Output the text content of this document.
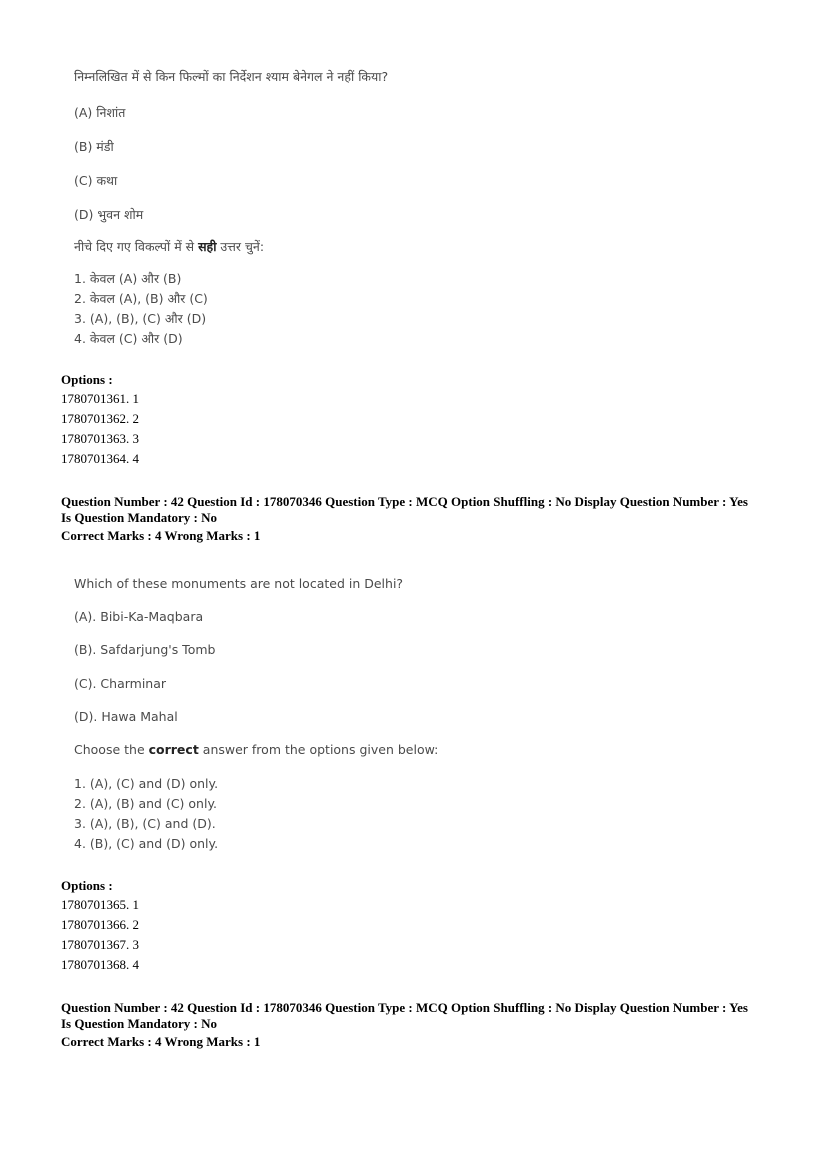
निम्नलिखित में से किन फिल्मों का निर्देशन श्याम बेनेगल ने नहीं किया?
(A) निशांत
(B) मंडी
(C) कथा
(D) भुवन शोम
नीचे दिए गए विकल्पों में से सही उत्तर चुनें:
1. केवल (A) और (B)
2. केवल (A), (B) और (C)
3. (A), (B), (C) और (D)
4. केवल (C) और (D)
Options :
1780701361. 1
1780701362. 2
1780701363. 3
1780701364. 4
Question Number : 42 Question Id : 178070346 Question Type : MCQ Option Shuffling : No Display Question Number : Yes
Is Question Mandatory : No
Correct Marks : 4 Wrong Marks : 1
Which of these monuments are not located in Delhi?
(A). Bibi-Ka-Maqbara
(B). Safdarjung's Tomb
(C). Charminar
(D). Hawa Mahal
Choose the correct answer from the options given below:
1. (A), (C) and (D) only.
2. (A), (B) and (C) only.
3. (A), (B), (C) and (D).
4. (B), (C) and (D) only.
Options :
1780701365. 1
1780701366. 2
1780701367. 3
1780701368. 4
Question Number : 42 Question Id : 178070346 Question Type : MCQ Option Shuffling : No Display Question Number : Yes
Is Question Mandatory : No
Correct Marks : 4 Wrong Marks : 1
